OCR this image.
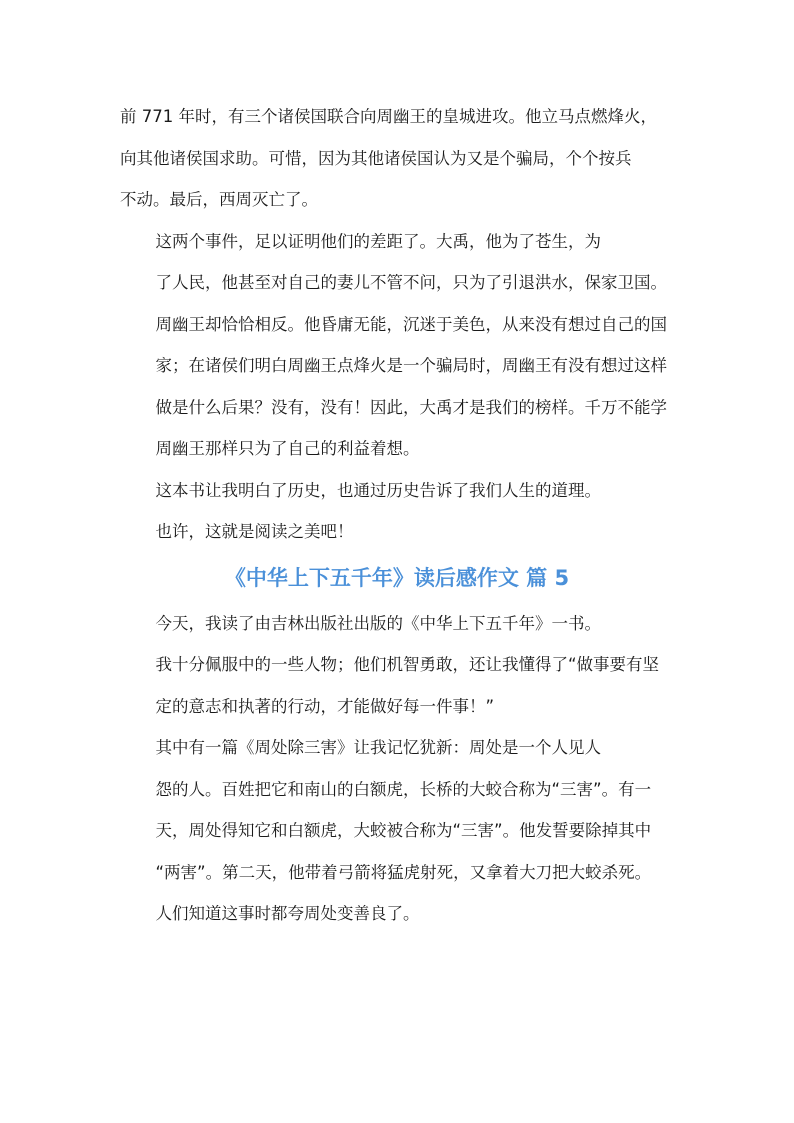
前 771 年时，有三个诸侯国联合向周幽王的皇城进攻。他立马点燃烽火，
向其他诸侯国求助。可惜，因为其他诸侯国认为又是个骗局，个个按兵
不动。最后，西周灭亡了。
这两个事件，足以证明他们的差距了。大禹，他为了苍生，为
了人民，他甚至对自己的妻儿不管不问，只为了引退洪水，保家卫国。
周幽王却恰恰相反。他昏庸无能，沉迷于美色，从来没有想过自己的国
家；在诸侯们明白周幽王点烽火是一个骗局时，周幽王有没有想过这样
做是什么后果？没有，没有！因此，大禹才是我们的榜样。千万不能学
周幽王那样只为了自己的利益着想。
这本书让我明白了历史，也通过历史告诉了我们人生的道理。
也许，这就是阅读之美吧！
《中华上下五千年》读后感作文 篇 5
今天，我读了由吉林出版社出版的《中华上下五千年》一书。
我十分佩服中的一些人物；他们机智勇敢，还让我懂得了“做事要有坚
定的意志和执著的行动，才能做好每一件事！”
其中有一篇《周处除三害》让我记忆犹新：周处是一个人见人
怨的人。百姓把它和南山的白额虎，长桥的大蛟合称为“三害”。有一
天，周处得知它和白额虎，大蛟被合称为“三害”。他发誓要除掉其中
“两害”。第二天，他带着弓箭将猛虎射死，又拿着大刀把大蛟杀死。
人们知道这事时都夸周处变善良了。
